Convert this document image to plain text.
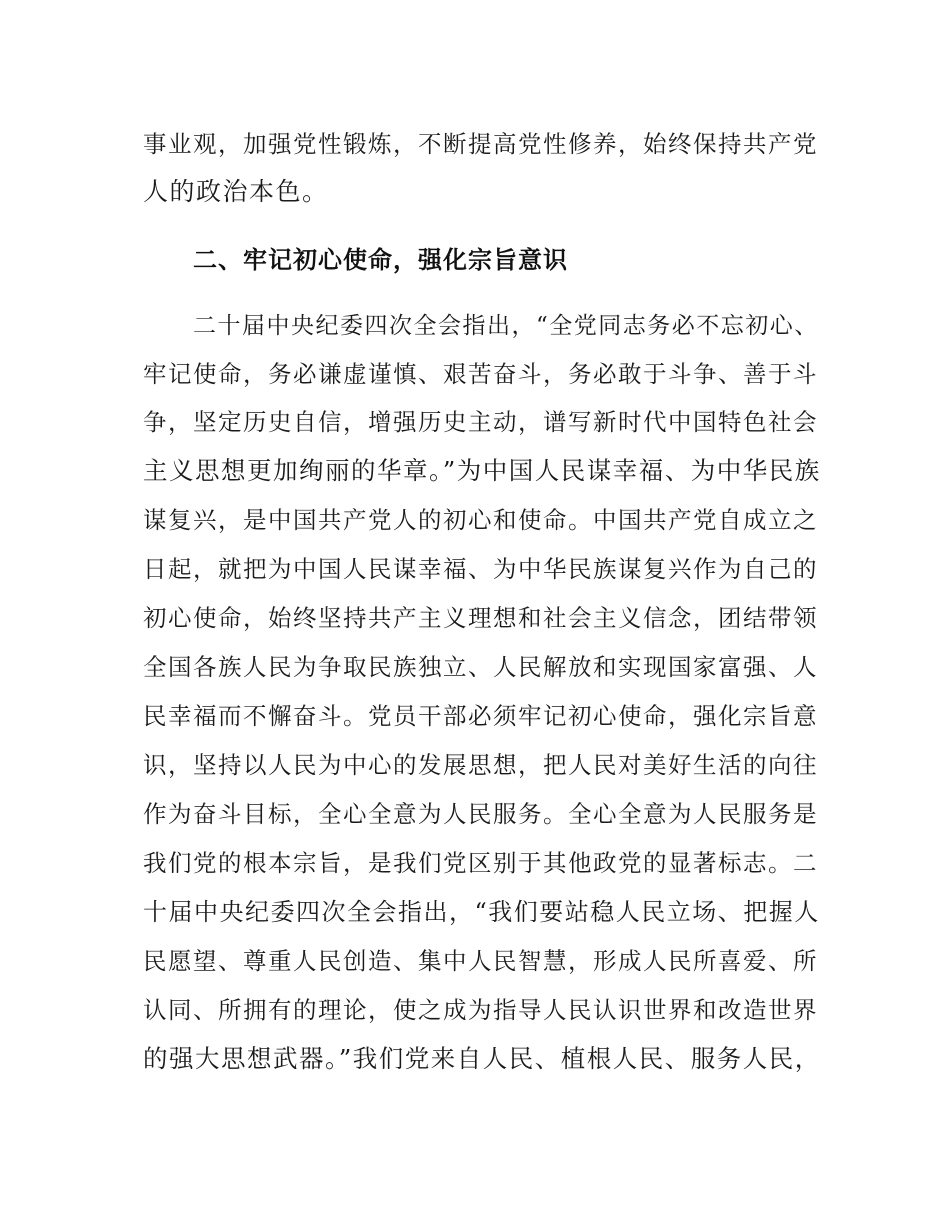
事业观，加强党性锻炼，不断提高党性修养，始终保持共产党
人的政治本色。
二、牢记初心使命，强化宗旨意识
二十届中央纪委四次全会指出，“全党同志务必不忘初心、
牢记使命，务必谦虚谨慎、艰苦奋斗，务必敢于斗争、善于斗
争，坚定历史自信，增强历史主动，谱写新时代中国特色社会
主义思想更加绚丽的华章。”为中国人民谋幸福、为中华民族
谋复兴，是中国共产党人的初心和使命。中国共产党自成立之
日起，就把为中国人民谋幸福、为中华民族谋复兴作为自己的
初心使命，始终坚持共产主义理想和社会主义信念，团结带领
全国各族人民为争取民族独立、人民解放和实现国家富强、人
民幸福而不懈奋斗。党员干部必须牢记初心使命，强化宗旨意
识，坚持以人民为中心的发展思想，把人民对美好生活的向往
作为奋斗目标，全心全意为人民服务。全心全意为人民服务是
我们党的根本宗旨，是我们党区别于其他政党的显著标志。二
十届中央纪委四次全会指出，“我们要站稳人民立场、把握人
民愿望、尊重人民创造、集中人民智慧，形成人民所喜爱、所
认同、所拥有的理论，使之成为指导人民认识世界和改造世界
的强大思想武器。”我们党来自人民、植根人民、服务人民，
